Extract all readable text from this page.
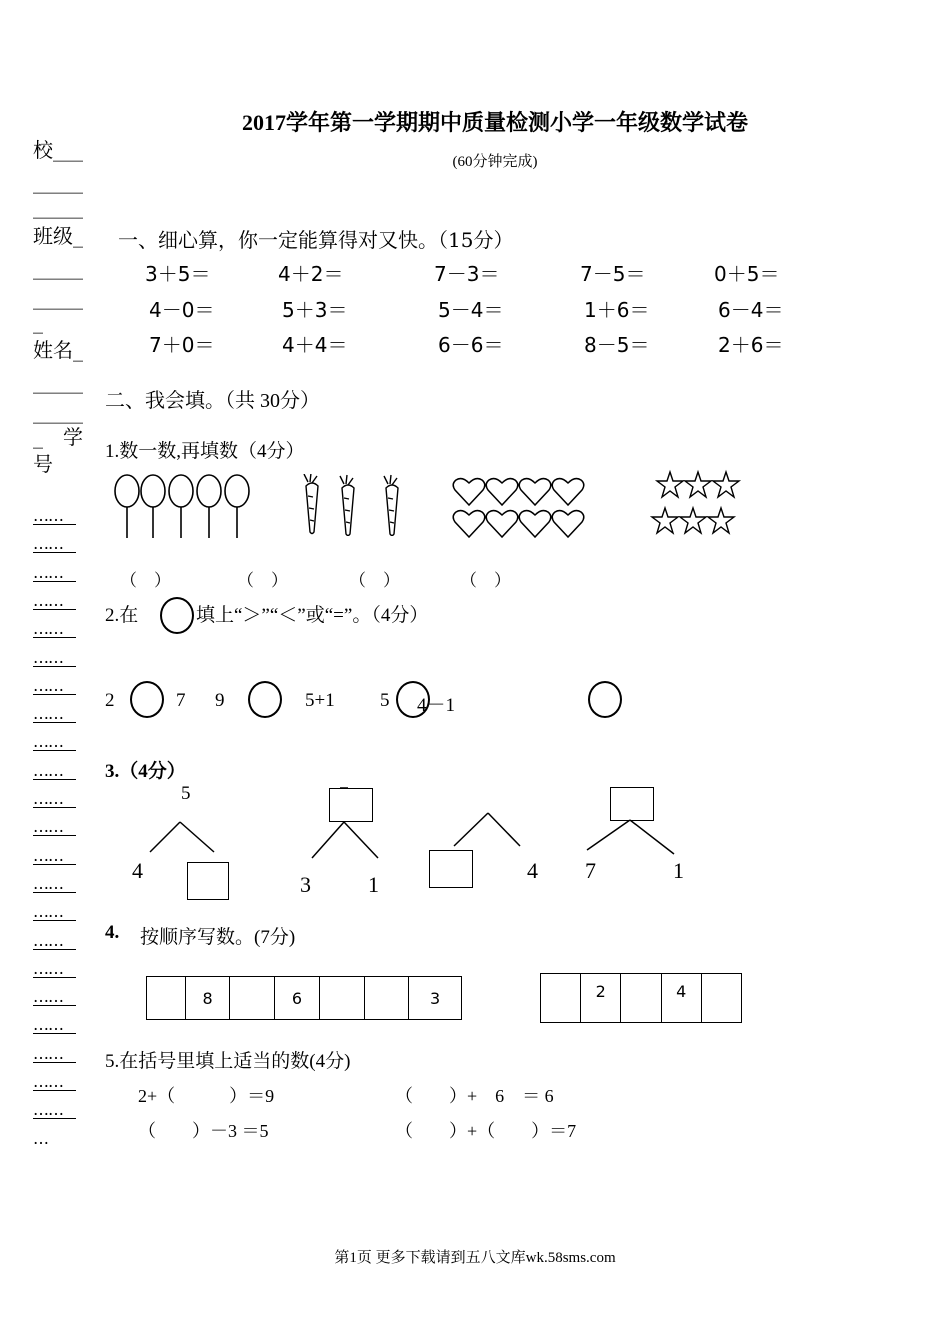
2017学年第一学期期中质量检测小学一年级数学试卷
(60分钟完成)
校___
_____
_____
班级_
_____
_____
_
姓名_
_____
_____
_　学
号
……
……
……
……
……
……
……
……
……
……
……
……
……
……
……
……
……
……
……
……
……
……
…
一、细心算，你一定能算得对又快。（15分）
3＋5＝	4＋2＝	7－3＝	7－5＝	0＋5＝
4－0＝	5＋3＝	5－4＝	1＋6＝	6－4＝
7＋0＝	4＋4＝	6－6＝	8－5＝	2＋6＝
二、我会填。（共 30分）
1.数一数,再填数（4分）
（　）	（　）	（　）	（　）
2.在	填上“＞”“＜”或“=”。（4分）
2	7 9	5+1 5 4－1
3.（4分）
5
4
3	1
4 7	1
4. 按顺序写数。(7分)
	8		6			3
		2		4	
5.在括号里填上适当的数(4分)
2+（　　　）＝9	（　　）+　6　＝ 6
（　　）－3 ＝5	（　　）+（　　）＝7
第1页 更多下载请到五八文库wk.58sms.com
